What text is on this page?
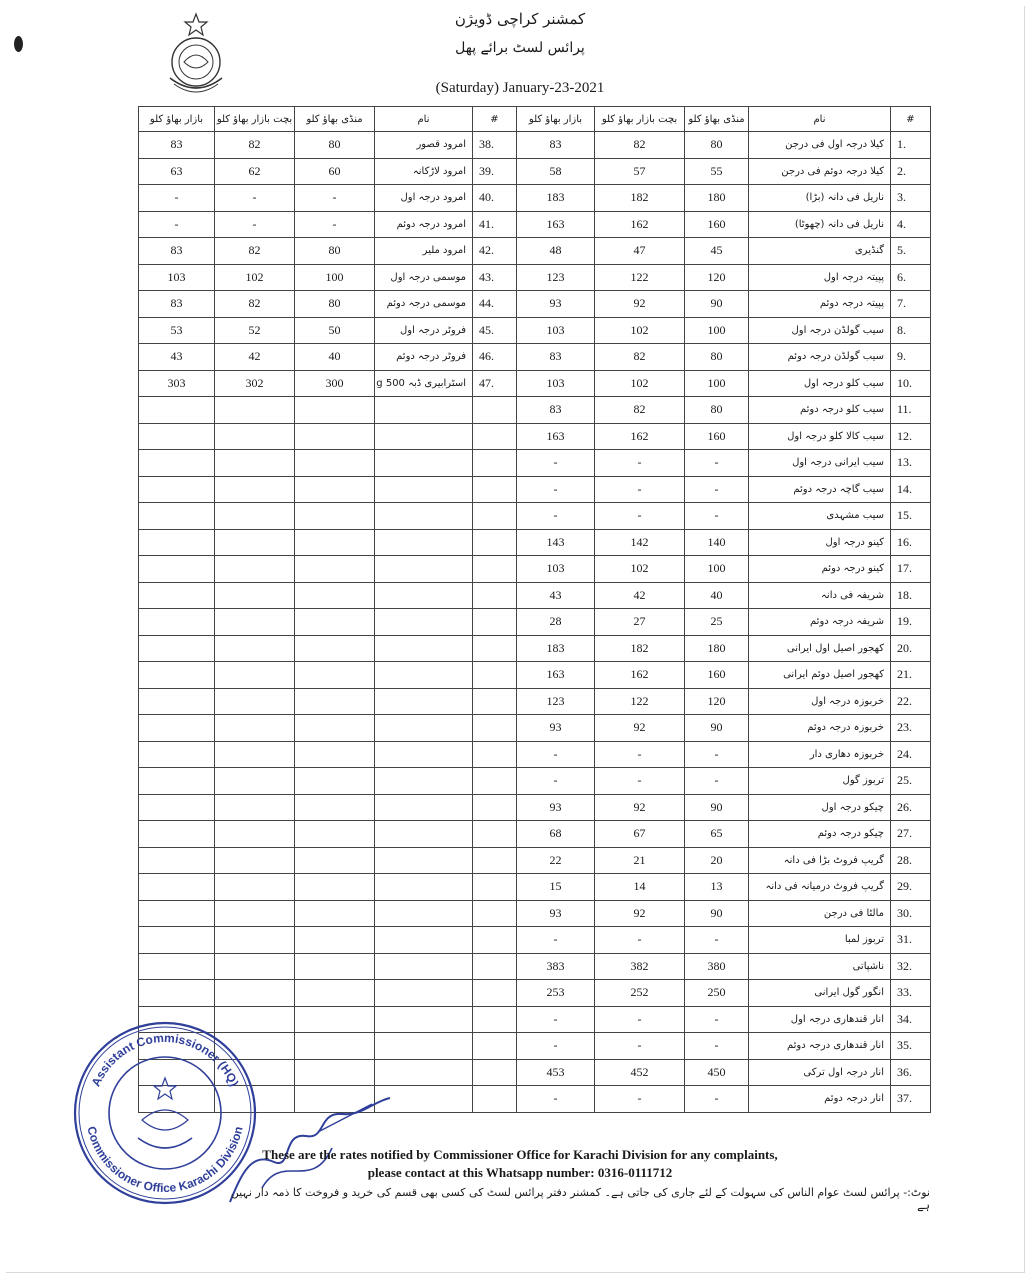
کمشنر کراچی ڈویژن
پرائس لسٹ برائے پھل
(Saturday) January-23-2021
بازار بھاؤ کلو	بچت بازار بھاؤ کلو	منڈی بھاؤ کلو	نام	#
83	82	80	امرود قصور	38.
63	62	60	امرود لاڑکانہ	39.
-	-	-	امرود درجہ اول	40.
-	-	-	امرود درجہ دوئم	41.
83	82	80	امرود ملیر	42.
103	102	100	موسمی درجہ اول	43.
83	82	80	موسمی درجہ دوئم	44.
53	52	50	فروٹر درجہ اول	45.
43	42	40	فروٹر درجہ دوئم	46.
303	302	300	اسٹرابیری ڈبہ 500 g	47.

بازار بھاؤ کلو	بچت بازار بھاؤ کلو	منڈی بھاؤ کلو	نام	#
83	82	80	کیلا درجہ اول فی درجن	1.
58	57	55	کیلا درجہ دوئم فی درجن	2.
183	182	180	ناریل فی دانہ (بڑا)	3.
163	162	160	ناریل فی دانہ (چھوٹا)	4.
48	47	45	گنڈیری	5.
123	122	120	پپیتہ درجہ اول	6.
93	92	90	پپیتہ درجہ دوئم	7.
103	102	100	سیب گولڈن درجہ اول	8.
83	82	80	سیب گولڈن درجہ دوئم	9.
103	102	100	سیب کلو درجہ اول	10.
83	82	80	سیب کلو درجہ دوئم	11.
163	162	160	سیب کالا کلو درجہ اول	12.
-	-	-	سیب ایرانی درجہ اول	13.
-	-	-	سیب گاچہ درجہ دوئم	14.
-	-	-	سیب مشہدی	15.
143	142	140	کینو درجہ اول	16.
103	102	100	کینو درجہ دوئم	17.
43	42	40	شریفہ فی دانہ	18.
28	27	25	شریفہ درجہ دوئم	19.
183	182	180	کھجور اصیل اول ایرانی	20.
163	162	160	کھجور اصیل دوئم ایرانی	21.
123	122	120	خربوزہ درجہ اول	22.
93	92	90	خربوزہ درجہ دوئم	23.
-	-	-	خربوزہ دھاری دار	24.
-	-	-	تربوز گول	25.
93	92	90	چیکو درجہ اول	26.
68	67	65	چیکو درجہ دوئم	27.
22	21	20	گریپ فروٹ بڑا فی دانہ	28.
15	14	13	گریپ فروٹ درمیانہ فی دانہ	29.
93	92	90	مالٹا فی درجن	30.
-	-	-	تربوز لمبا	31.
383	382	380	ناشپاتی	32.
253	252	250	انگور گول ایرانی	33.
-	-	-	انار قندھاری درجہ اول	34.
-	-	-	انار قندھاری درجہ دوئم	35.
453	452	450	انار درجہ اول ترکی	36.
-	-	-	انار درجہ دوئم	37.
Assistant Commissioner (HQ)
Commissioner Office Karachi Division
These are the rates notified by Commissioner Office for Karachi Division for any complaints,
please contact at this Whatsapp number: 0316-0111712
نوٹ:- پرائس لسٹ عوام الناس کی سہولت کے لئے جاری کی جاتی ہے۔ کمشنر دفتر پرائس لسٹ کی کسی بھی قسم کی خرید و فروخت کا ذمہ دار نہیں ہے
